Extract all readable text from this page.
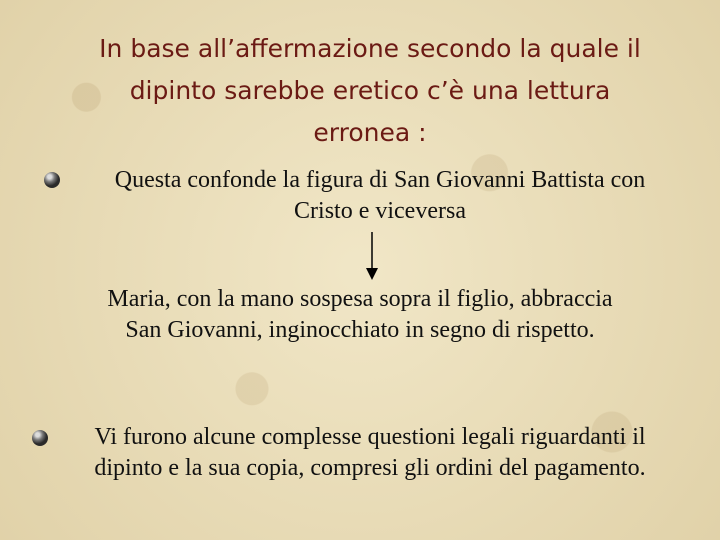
In base all’affermazione secondo la quale il
dipinto sarebbe eretico c’è una lettura
erronea :
Questa confonde la figura di San Giovanni Battista con
Cristo e viceversa
Maria, con la mano sospesa sopra il figlio, abbraccia
San Giovanni, inginocchiato in segno di rispetto.
Vi furono alcune complesse questioni legali riguardanti il
dipinto e la sua copia, compresi gli ordini del pagamento.
